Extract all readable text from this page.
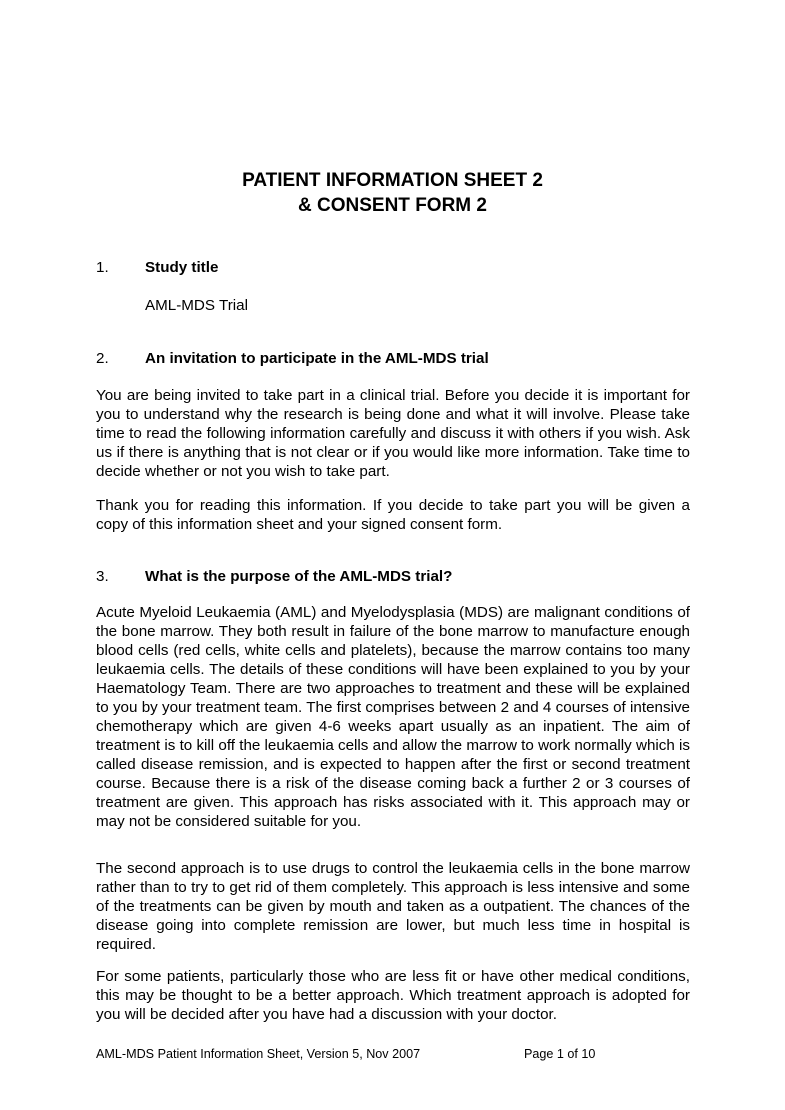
PATIENT INFORMATION SHEET 2
& CONSENT FORM 2
1. Study title
AML-MDS Trial
2. An invitation to participate in the AML-MDS trial

You are being invited to take part in a clinical trial. Before you decide it is important for you to understand why the research is being done and what it will involve. Please take time to read the following information carefully and discuss it with others if you wish. Ask us if there is anything that is not clear or if you would like more information. Take time to decide whether or not you wish to take part.

Thank you for reading this information. If you decide to take part you will be given a copy of this information sheet and your signed consent form.

3. What is the purpose of the AML-MDS trial?

Acute Myeloid Leukaemia (AML) and Myelodysplasia (MDS) are malignant conditions of the bone marrow. They both result in failure of the bone marrow to manufacture enough blood cells (red cells, white cells and platelets), because the marrow contains too many leukaemia cells. The details of these conditions will have been explained to you by your Haematology Team. There are two approaches to treatment and these will be explained to you by your treatment team. The first comprises between 2 and 4 courses of intensive chemotherapy which are given 4-6 weeks apart usually as an inpatient. The aim of treatment is to kill off the leukaemia cells and allow the marrow to work normally which is called disease remission, and is expected to happen after the first or second treatment course. Because there is a risk of the disease coming back a further 2 or 3 courses of treatment are given. This approach has risks associated with it. This approach may or may not be considered suitable for you.

The second approach is to use drugs to control the leukaemia cells in the bone marrow rather than to try to get rid of them completely. This approach is less intensive and some of the treatments can be given by mouth and taken as a outpatient. The chances of the disease going into complete remission are lower, but much less time in hospital is required.

For some patients, particularly those who are less fit or have other medical conditions, this may be thought to be a better approach. Which treatment approach is adopted for you will be decided after you have had a discussion with your doctor.

AML-MDS Patient Information Sheet, Version 5, Nov 2007	Page 1 of 10
